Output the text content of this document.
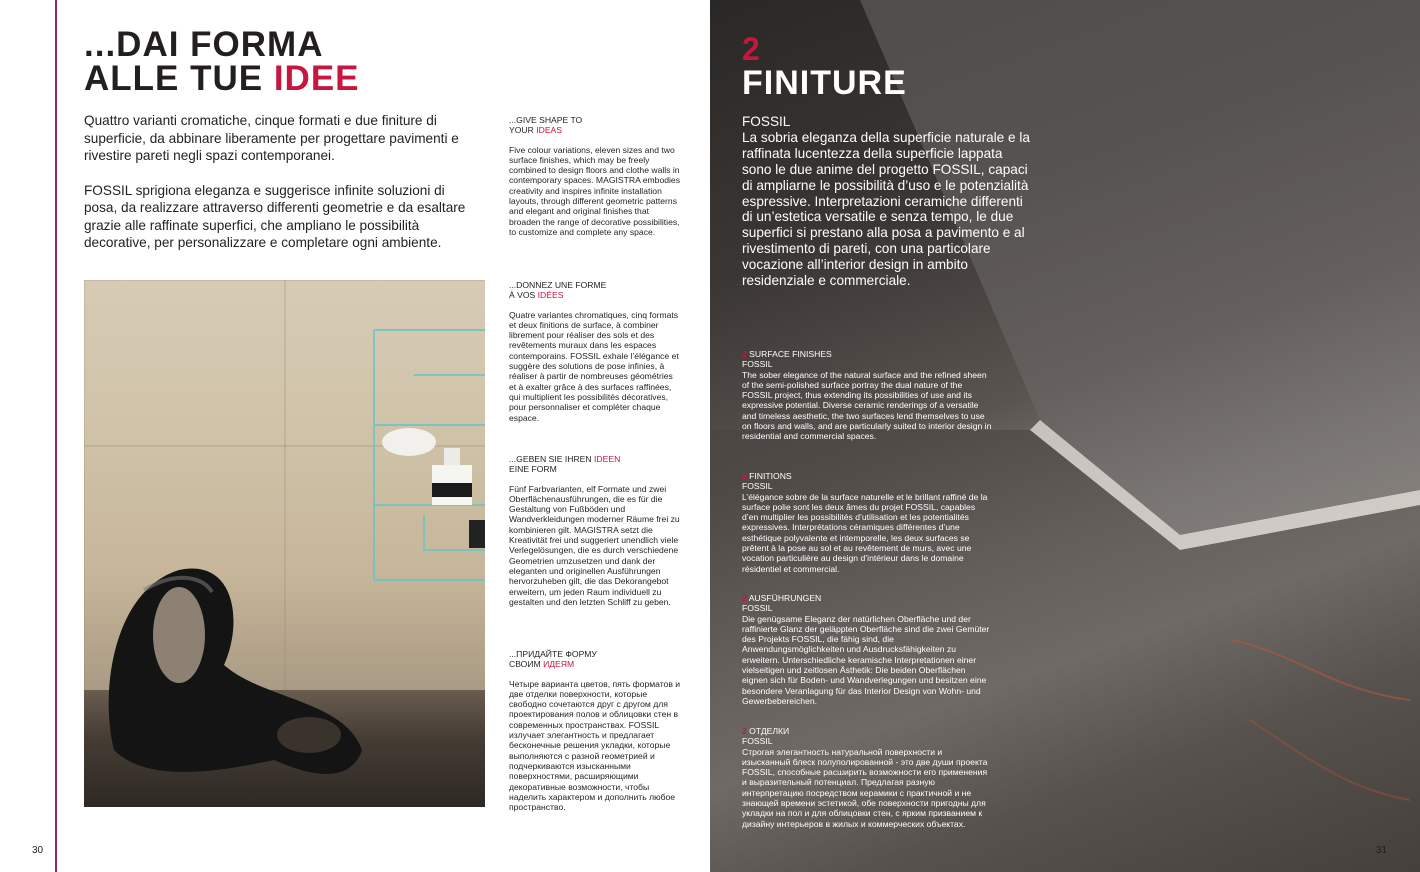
...DAI FORMA
ALLE TUE IDEE

Quattro varianti cromatiche, cinque formati e due finiture di superficie, da abbinare liberamente per progettare pavimenti e rivestire pareti negli spazi contemporanei.

FOSSIL sprigiona eleganza e suggerisce infinite soluzioni di posa, da realizzare attraverso differenti geometrie e da esaltare grazie alle raffinate superfici, che ampliano le possibilità decorative, per personalizzare e completare ogni ambiente.

...GIVE SHAPE TO
YOUR IDEAS

Five colour variations, eleven sizes and two surface finishes, which may be freely combined to design floors and clothe walls in contemporary spaces. MAGISTRA embodies creativity and inspires infinite installation layouts, through different geometric patterns and elegant and original finishes that broaden the range of decorative possibilities, to customize and complete any space.

...DONNEZ UNE FORME
À VOS IDÉES

Quatre variantes chromatiques, cinq formats et deux finitions de surface, à combiner librement pour réaliser des sols et des revêtements muraux dans les espaces contemporains. FOSSIL exhale l’élégance et suggère des solutions de pose infinies, à réaliser à partir de nombreuses géométries et à exalter grâce à des surfaces raffinées, qui multiplient les possibilités décoratives, pour personnaliser et compléter chaque espace.

...GEBEN SIE IHREN IDEEN
EINE FORM

Fünf Farbvarianten, elf Formate und zwei Oberflächenausführungen, die es für die Gestaltung von Fußböden und Wandverkleidungen moderner Räume frei zu kombinieren gilt. MAGISTRA setzt die Kreativität frei und suggeriert unendlich viele Verlegelösungen, die es durch verschiedene Geometrien umzusetzen und dank der eleganten und originellen Ausführungen hervorzuheben gilt, die das Dekorangebot erweitern, um jeden Raum individuell zu gestalten und den letzten Schliff zu geben.

...ПРИДАЙТЕ ФОРМУ
СВОИМ ИДЕЯМ

Четыре варианта цветов, пять форматов и две отделки поверхности, которые свободно сочетаются друг с другом для проектирования полов и облицовки стен в современных пространствах. FOSSIL излучает элегантность и предлагает бесконечные решения укладки, которые выполняются с разной геометрией и подчеркиваются изысканными поверхностями, расширяющими декоративные возможности, чтобы наделить характером и дополнить любое пространство.

30
2
FINITURE

FOSSIL

La sobria eleganza della superficie naturale e la raffinata lucentezza della superficie lappata sono le due anime del progetto FOSSIL, capaci di ampliarne le possibilità d’uso e le potenzialità espressive. Interpretazioni ceramiche differenti di un’estetica versatile e senza tempo, le due superfici si prestano alla posa a pavimento e al rivestimento di pareti, con una particolare vocazione all’interior design in ambito residenziale e commerciale.

2 SURFACE FINISHES

FOSSIL

The sober elegance of the natural surface and the refined sheen of the semi-polished surface portray the dual nature of the FOSSIL project, thus extending its possibilities of use and its expressive potential. Diverse ceramic renderings of a versatile and timeless aesthetic, the two surfaces lend themselves to use on floors and walls, and are particularly suited to interior design in residential and commercial spaces.

2 FINITIONS

FOSSIL

L’élégance sobre de la surface naturelle et le brillant raffiné de la surface polie sont les deux âmes du projet FOSSIL, capables d’en multiplier les possibilités d’utilisation et les potentialités expressives. Interprétations céramiques différentes d’une esthétique polyvalente et intemporelle, les deux surfaces se prêtent à la pose au sol et au revêtement de murs, avec une vocation particulière au design d’intérieur dans le domaine résidentiel et commercial.

2 AUSFÜHRUNGEN

FOSSIL

Die genügsame Eleganz der natürlichen Oberfläche und der raffinierte Glanz der geläppten Oberfläche sind die zwei Gemüter des Projekts FOSSIL, die fähig sind, die Anwendungsmöglichkeiten und Ausdrucksfähigkeiten zu erweitern. Unterschiedliche keramische Interpretationen einer vielseitigen und zeitlosen Ästhetik: Die beiden Oberflächen eignen sich für Boden- und Wandverlegungen und besitzen eine besondere Veranlagung für das Interior Design von Wohn- und Gewerbebereichen.

2 ОТДЕЛКИ

FOSSIL

Строгая элегантность натуральной поверхности и изысканный блеск полуполированной - это две души проекта FOSSIL, способные расширить возможности его применения и выразительный потенциал. Предлагая разную интерпретацию посредством керамики с практичной и не знающей времени эстетикой, обе поверхности пригодны для укладки на пол и для облицовки стен, с ярким призванием к дизайну интерьеров в жилых и коммерческих объектах.

31
